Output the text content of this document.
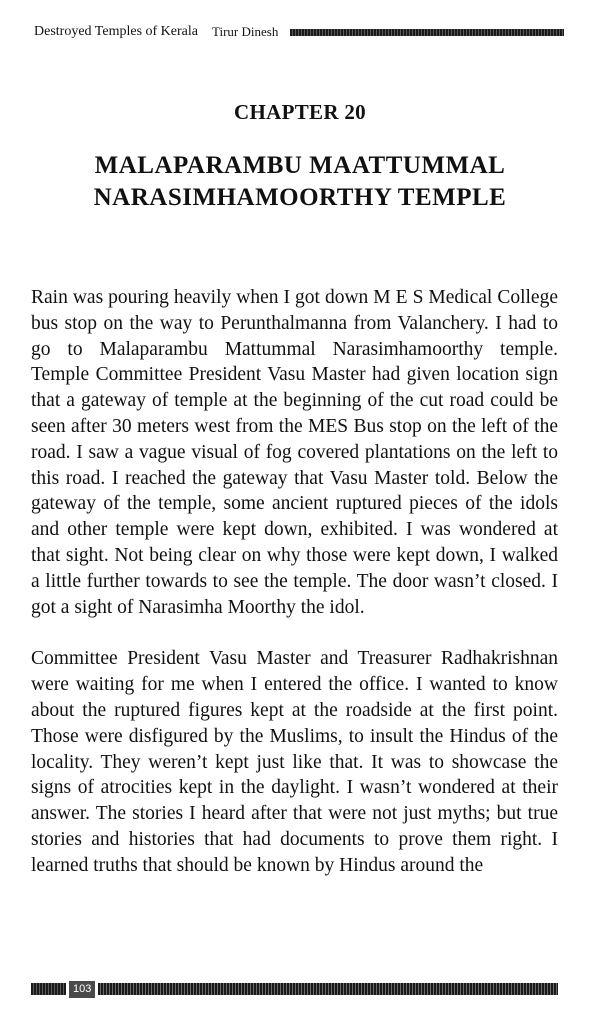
Destroyed Temples of Kerala Tirur Dinesh
CHAPTER 20
MALAPARAMBU MAATTUMMAL
NARASIMHAMOORTHY TEMPLE

Rain was pouring heavily when I got down M E S Medical College bus stop on the way to Perunthalmanna from Valanchery. I had to go to Malaparambu Mattummal Narasimhamoorthy temple. Temple Committee President Vasu Master had given location sign that a gateway of temple at the beginning of the cut road could be seen after 30 meters west from the MES Bus stop on the left of the road. I saw a vague visual of fog covered plantations on the left to this road. I reached the gateway that Vasu Master told. Below the gateway of the temple, some ancient ruptured pieces of the idols and other temple were kept down, exhibited. I was wondered at that sight. Not being clear on why those were kept down, I walked a little further towards to see the temple. The door wasn’t closed. I got a sight of Narasimha Moorthy the idol.

Committee President Vasu Master and Treasurer Radhakrishnan were waiting for me when I entered the office. I wanted to know about the ruptured figures kept at the roadside at the first point. Those were disfigured by the Muslims, to insult the Hindus of the locality. They weren’t kept just like that. It was to showcase the signs of atrocities kept in the daylight. I wasn’t wondered at their answer. The stories I heard after that were not just myths; but true stories and histories that had documents to prove them right. I learned truths that should be known by Hindus around the

103
